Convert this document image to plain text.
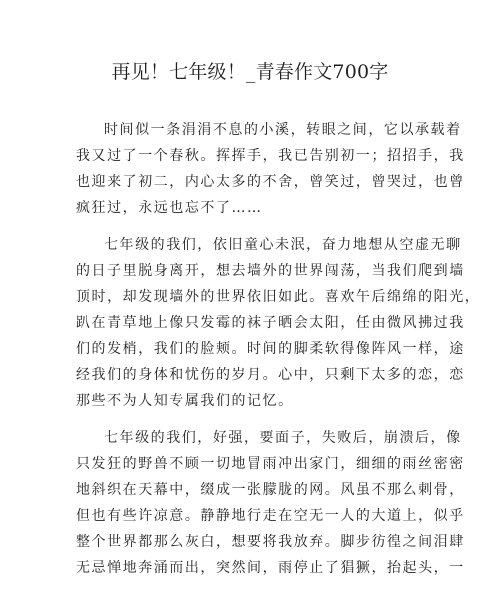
再见！七年级！_青春作文700字

时间似一条涓涓不息的小溪，转眼之间，它以承载着
我又过了一个春秋。挥挥手，我已告别初一；招招手，我
也迎来了初二，内心太多的不舍，曾笑过，曾哭过，也曾
疯狂过，永远也忘不了……

七年级的我们，依旧童心未泯，奋力地想从空虚无聊
的日子里脱身离开，想去墙外的世界闯荡，当我们爬到墙
顶时，却发现墙外的世界依旧如此。喜欢午后绵绵的阳光，
趴在青草地上像只发霉的袜子晒会太阳，任由微风拂过我
们的发梢，我们的脸颊。时间的脚柔软得像阵风一样，途
经我们的身体和忧伤的岁月。心中，只剩下太多的恋，恋
那些不为人知专属我们的记忆。

七年级的我们，好强，要面子，失败后，崩溃后，像
只发狂的野兽不顾一切地冒雨冲出家门，细细的雨丝密密
地斜织在天幕中，缀成一张朦胧的网。风虽不那么刺骨，
但也有些许凉意。静静地行走在空无一人的大道上，似乎
整个世界都那么灰白，想要将我放弃。脚步彷徨之间泪肆
无忌惮地奔涌而出，突然间，雨停止了猖獗，抬起头，一
